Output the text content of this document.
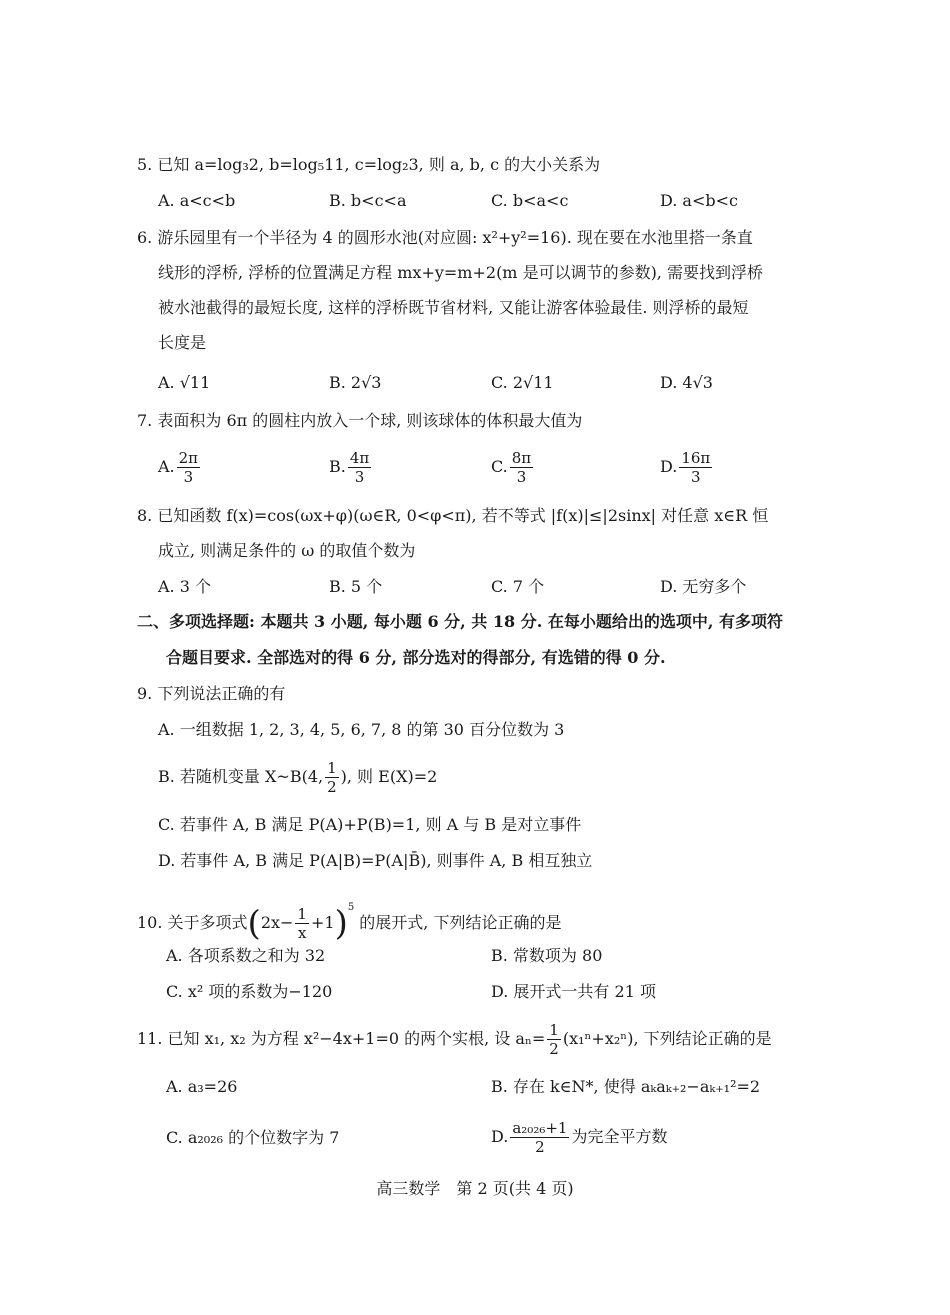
5. 已知 a=log₃2, b=log₅11, c=log₂3, 则 a, b, c 的大小关系为
A. a<c<b	B. b<c<a	C. b<a<c	D. a<b<c
6. 游乐园里有一个半径为 4 的圆形水池(对应圆: x²+y²=16). 现在要在水池里搭一条直
线形的浮桥, 浮桥的位置满足方程 mx+y=m+2(m 是可以调节的参数), 需要找到浮桥
被水池截得的最短长度, 这样的浮桥既节省材料, 又能让游客体验最佳. 则浮桥的最短
长度是
A. √11	B. 2√3	C. 2√11	D. 4√3
7. 表面积为 6π 的圆柱内放入一个球, 则该球体的体积最大值为
A. $\frac{2\pi}{3}$	B. $\frac{4\pi}{3}$	C. $\frac{8\pi}{3}$	D. $\frac{16\pi}{3}$
8. 已知函数 f(x)=cos(ωx+φ)(ω∈R, 0<φ<π), 若不等式 |f(x)|≤|2sinx| 对任意 x∈R 恒
成立, 则满足条件的 ω 的取值个数为
A. 3 个	B. 5 个	C. 7 个	D. 无穷多个
二、多项选择题: 本题共 3 小题, 每小题 6 分, 共 18 分. 在每小题给出的选项中, 有多项符
合题目要求. 全部选对的得 6 分, 部分选对的得部分, 有选错的得 0 分.
9. 下列说法正确的有
A. 一组数据 1, 2, 3, 4, 5, 6, 7, 8 的第 30 百分位数为 3
B. 若随机变量 X~B(4, $\frac{1}{2}$ ), 则 E(X)=2
C. 若事件 A, B 满足 P(A)+P(B)=1, 则 A 与 B 是对立事件
D. 若事件 A, B 满足 P(A|B)=P(A|B̄), 则事件 A, B 相互独立
10. 关于多项式$(2x- \frac{1}{x} +1)^5$ 的展开式, 下列结论正确的是
A. 各项系数之和为 32	B. 常数项为 80
C. x² 项的系数为−120	D. 展开式一共有 21 项
11. 已知 x₁, x₂ 为方程 x²−4x+1=0 的两个实根, 设 $a_n= \frac{1}{2} (x_1^n+x_2^n)$, 下列结论正确的是
A. a₃=26	B. 存在 k∈N*, 使得 aₖaₖ₊₂−aₖ₊₁²=2
C. a₂₀₂₆ 的个位数字为 7	D. $\frac{\text{a₂₀₂₆+1}}{2}$ 为完全平方数
高三数学　第 2 页(共 4 页)
